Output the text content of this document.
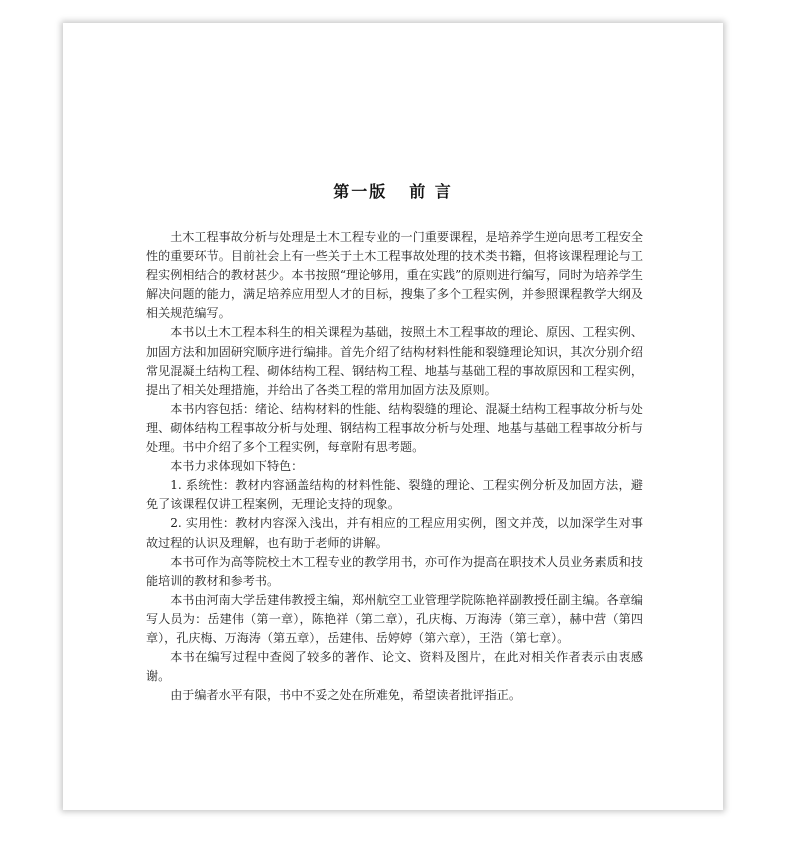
第一版 前 言

土木工程事故分析与处理是土木工程专业的一门重要课程，是培养学生逆向思考工程安全性的重要环节。目前社会上有一些关于土木工程事故处理的技术类书籍，但将该课程理论与工程实例相结合的教材甚少。本书按照“理论够用，重在实践”的原则进行编写，同时为培养学生解决问题的能力，满足培养应用型人才的目标，搜集了多个工程实例，并参照课程教学大纲及相关规范编写。

本书以土木工程本科生的相关课程为基础，按照土木工程事故的理论、原因、工程实例、加固方法和加固研究顺序进行编排。首先介绍了结构材料性能和裂缝理论知识，其次分别介绍常见混凝土结构工程、砌体结构工程、钢结构工程、地基与基础工程的事故原因和工程实例，提出了相关处理措施，并给出了各类工程的常用加固方法及原则。

本书内容包括：绪论、结构材料的性能、结构裂缝的理论、混凝土结构工程事故分析与处理、砌体结构工程事故分析与处理、钢结构工程事故分析与处理、地基与基础工程事故分析与处理。书中介绍了多个工程实例，每章附有思考题。

本书力求体现如下特色：

1. 系统性：教材内容涵盖结构的材料性能、裂缝的理论、工程实例分析及加固方法，避免了该课程仅讲工程案例，无理论支持的现象。

2. 实用性：教材内容深入浅出，并有相应的工程应用实例，图文并茂，以加深学生对事故过程的认识及理解，也有助于老师的讲解。

本书可作为高等院校土木工程专业的教学用书，亦可作为提高在职技术人员业务素质和技能培训的教材和参考书。

本书由河南大学岳建伟教授主编，郑州航空工业管理学院陈艳祥副教授任副主编。各章编写人员为：岳建伟（第一章），陈艳祥（第二章），孔庆梅、万海涛（第三章），赫中营（第四章），孔庆梅、万海涛（第五章），岳建伟、岳婷婷（第六章），王浩（第七章）。

本书在编写过程中查阅了较多的著作、论文、资料及图片，在此对相关作者表示由衷感谢。

由于编者水平有限，书中不妥之处在所难免，希望读者批评指正。
